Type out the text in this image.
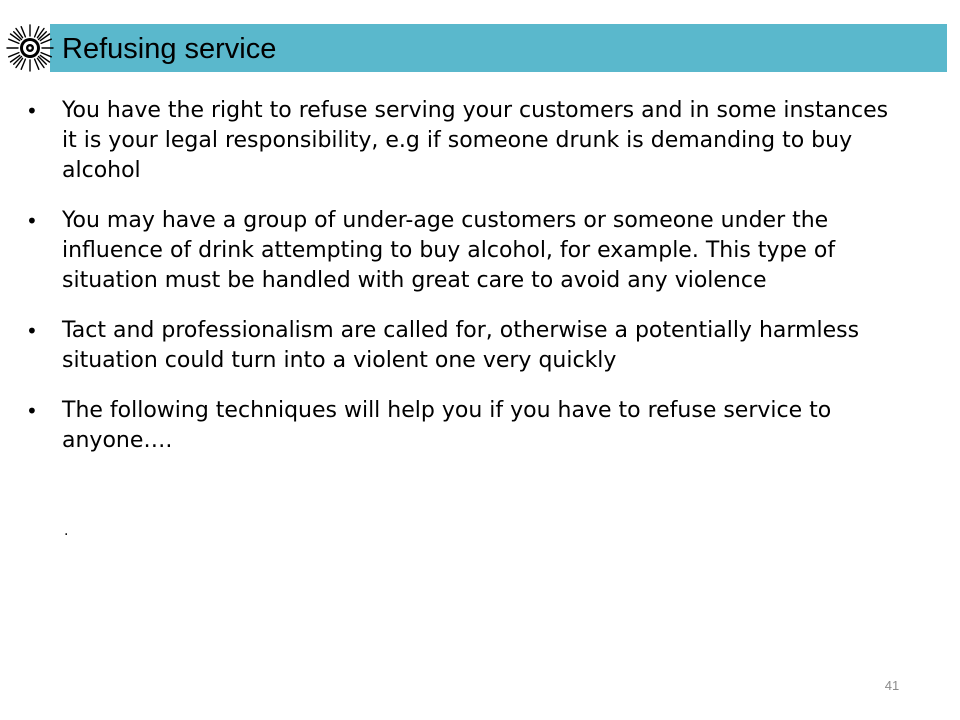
Refusing service
• You have the right to refuse serving your customers and in some instances it is your legal responsibility, e.g if someone drunk is demanding to buy alcohol
• You may have a group of under-age customers or someone under the influence of drink attempting to buy alcohol, for example. This type of situation must be handled with great care to avoid any violence
• Tact and professionalism are called for, otherwise a potentially harmless situation could turn into a violent one very quickly
• The following techniques will help you if you have to refuse service to anyone….
.
41
